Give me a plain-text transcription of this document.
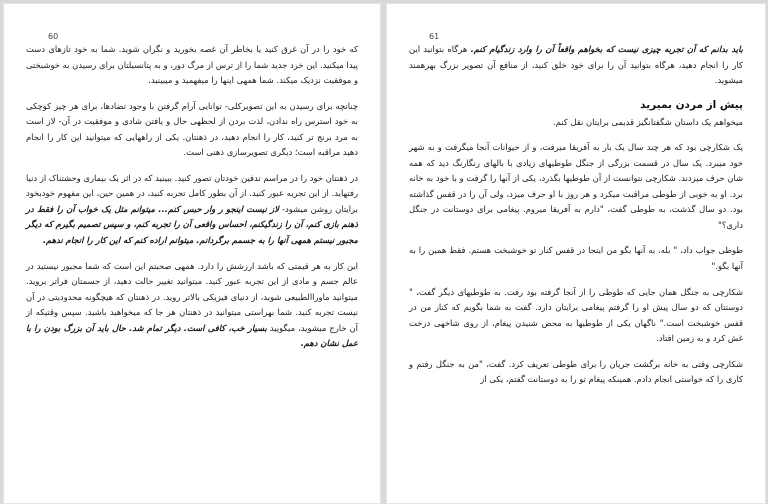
60

که خود را در آن غرق کنید یا بخاطر آن غصه بخورید و نگران شوید. شما به خود تازهای دست پیدا میکنید. این خرد جدید شما را از ترس از مرگ دور، و به پتانسیلتان برای رسیدن به خوشبختی و موفقیت نزدیک میکند. شما همهی اینها را میفهمید و میبینید.

چنانچه برای رسیدن به این تصویرکلی- توانایی آرام گرفتن با وجود تضادها، برای هر چیز کوچکی به خود استرس راه ندادن، لذت بردن از لحظهی حال و یافتن شادی و موفقیت در آن- لاز است به مرد برنج تر کنید، کار را انجام دهید، در ذهنتان. یکی از راههایی که میتوانید این کار را انجام دهید مراقبه است؛ دیگری تصویرسازی ذهنی است.

در ذهنتان خود را در مراسم تدفین خودتان تصور کنید. ببینید که در اثر یک بیماری وحشتناک از دنیا رفتهاید. از این تجربه عبور کنید. از آن بطور کامل تجربه کنید، در همین حین، این مفهوم خودبخود برایتان روشن میشود- لاز نیست اینجو ر وار حبس کنم... میتوانم مثل یک خواب آن را فقط در ذهنم بازی کنم، آن را زندگیکنم، احساس واقعی آن را تجربه کنم، و سپس تصمیم بگیرم که دیگر مجبور نیستم همهی آنها را به جسمم برگردانم. میتوانم اراده کنم که این کار را انجام ندهم.

این کار به هر قیمتی که باشد ارزشش را دارد. همهی صحبتم این است که شما مجبور نیستید در عالم جسم و مادی از این تجربه عبور کنید. میتوانید تغییر حالت دهید، از جسمتان فراتر بروید. میتوانید ماوراالطبیعی شوید، از دنیای فیزیکی بالاتر روید. در ذهنتان که هیچگونه محدودیتی در آن نیست تجربه کنید. شما بهراستی میتوانید در ذهنتان هر جا که میخواهید باشید. سپس وقتیکه از آن خارج میشوید، میگویید بسیار خب، کافی است. دیگر تمام شد. حال باید آن بزرگ بودن را با عمل نشان دهم.

61

باید بدانم که آن تجربه چیزی نیست که بخواهم واقعاً آن را وارد زندگیام کنم. هرگاه بتوانید این کار را انجام دهید، هرگاه بتوانید آن را برای خود خلق کنید، از منافع آن تصویر بزرگ بهرهمند میشوید.

پیش از مردن بمیرید

میخواهم یک داستان شگفتانگیز قدیمی برایتان نقل کنم.

یک شکارچی بود که هر چند سال یک بار به آفریقا میرفت، و از حیوانات آنجا میگرفت و به شهر خود میبرد. یک سال در قسمت بزرگی از جنگل طوطیهای زیادی با بالهای رنگارنگ دید که همه شان حرف میزدند. شکارچی نتوانست از آن طوطیها بگذرد، یکی از آنها را گرفت و با خود به خانه برد. او به خوبی از طوطی مراقبت میکرد و هر روز با او حرف میزد، ولی آن را در قفس گذاشته بود. دو سال گذشت، به طوطی گفت، "دارم به آفریقا میروم. پیغامی برای دوستانت در جنگل داری؟"

طوطی جواب داد، " بله. به آنها بگو من اینجا در قفس کنار تو خوشبخت هستم. فقط همین را به آنها بگو."

شکارچی به جنگل همان جایی که طوطی را از آنجا گرفته بود رفت. به طوطیهای دیگر گفت، " دوستتان که دو سال پیش او را گرفتم پیغامی برایتان دارد. گفت به شما بگویم که کنار من در قفس خوشبخت است." ناگهان یکی از طوطیها به محض شنیدن پیغام، از روی شاخهی درخت غش کرد و به زمین افتاد.

شکارچی وقتی به خانه برگشت جریان را برای طوطی تعریف کرد. گفت، "من به جنگل رفتم و کاری را که خواستی انجام دادم. همینکه پیغام تو را به دوستانت گفتم، یکی از
